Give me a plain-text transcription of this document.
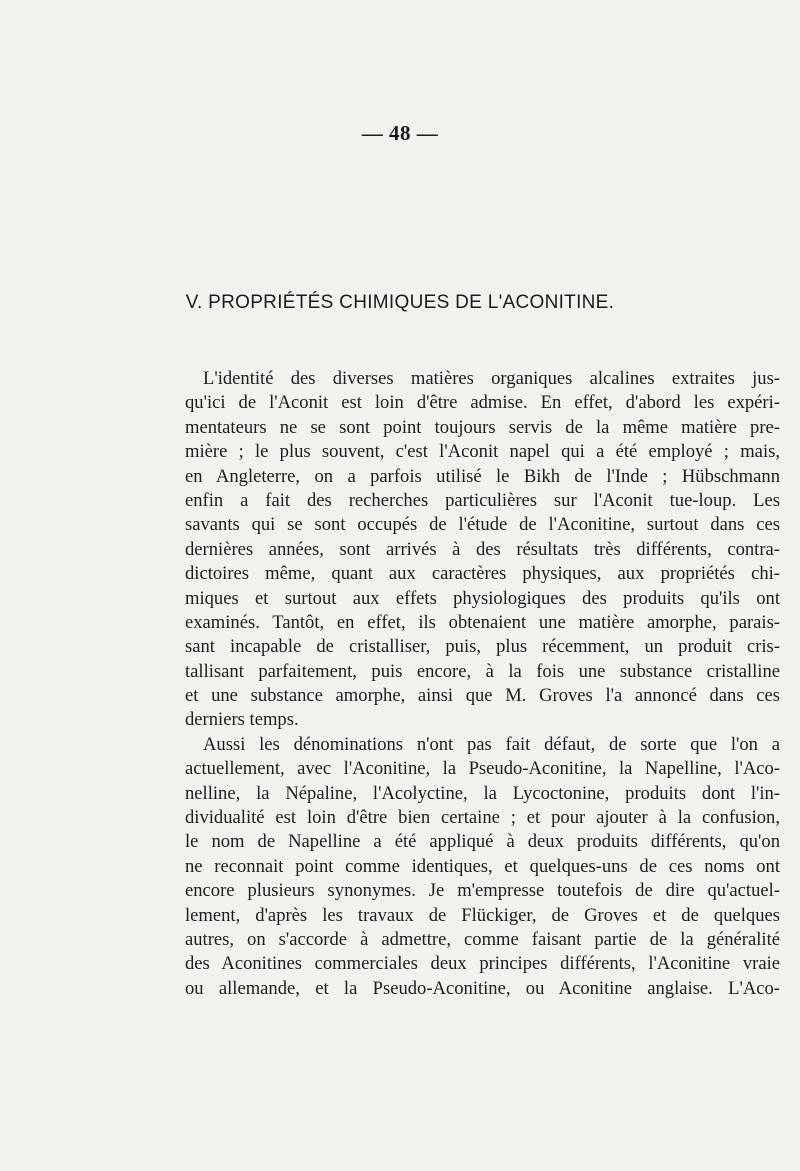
— 48 —
V. PROPRIÉTÉS CHIMIQUES DE L'ACONITINE.
L'identité des diverses matières organiques alcalines extraites jus-
qu'ici de l'Aconit est loin d'être admise. En effet, d'abord les expéri-
mentateurs ne se sont point toujours servis de la même matière pre-
mière ; le plus souvent, c'est l'Aconit napel qui a été employé ; mais,
en Angleterre, on a parfois utilisé le Bikh de l'Inde ; Hübschmann
enfin a fait des recherches particulières sur l'Aconit tue-loup. Les
savants qui se sont occupés de l'étude de l'Aconitine, surtout dans ces
dernières années, sont arrivés à des résultats très différents, contra-
dictoires même, quant aux caractères physiques, aux propriétés chi-
miques et surtout aux effets physiologiques des produits qu'ils ont
examinés. Tantôt, en effet, ils obtenaient une matière amorphe, parais-
sant incapable de cristalliser, puis, plus récemment, un produit cris-
tallisant parfaitement, puis encore, à la fois une substance cristalline
et une substance amorphe, ainsi que M. Groves l'a annoncé dans ces
derniers temps.
Aussi les dénominations n'ont pas fait défaut, de sorte que l'on a
actuellement, avec l'Aconitine, la Pseudo-Aconitine, la Napelline, l'Aco-
nelline, la Népaline, l'Acolyctine, la Lycoctonine, produits dont l'in-
dividualité est loin d'être bien certaine ; et pour ajouter à la confusion,
le nom de Napelline a été appliqué à deux produits différents, qu'on
ne reconnait point comme identiques, et quelques-uns de ces noms ont
encore plusieurs synonymes. Je m'empresse toutefois de dire qu'actuel-
lement, d'après les travaux de Flückiger, de Groves et de quelques
autres, on s'accorde à admettre, comme faisant partie de la généralité
des Aconitines commerciales deux principes différents, l'Aconitine vraie
ou allemande, et la Pseudo-Aconitine, ou Aconitine anglaise. L'Aco-
